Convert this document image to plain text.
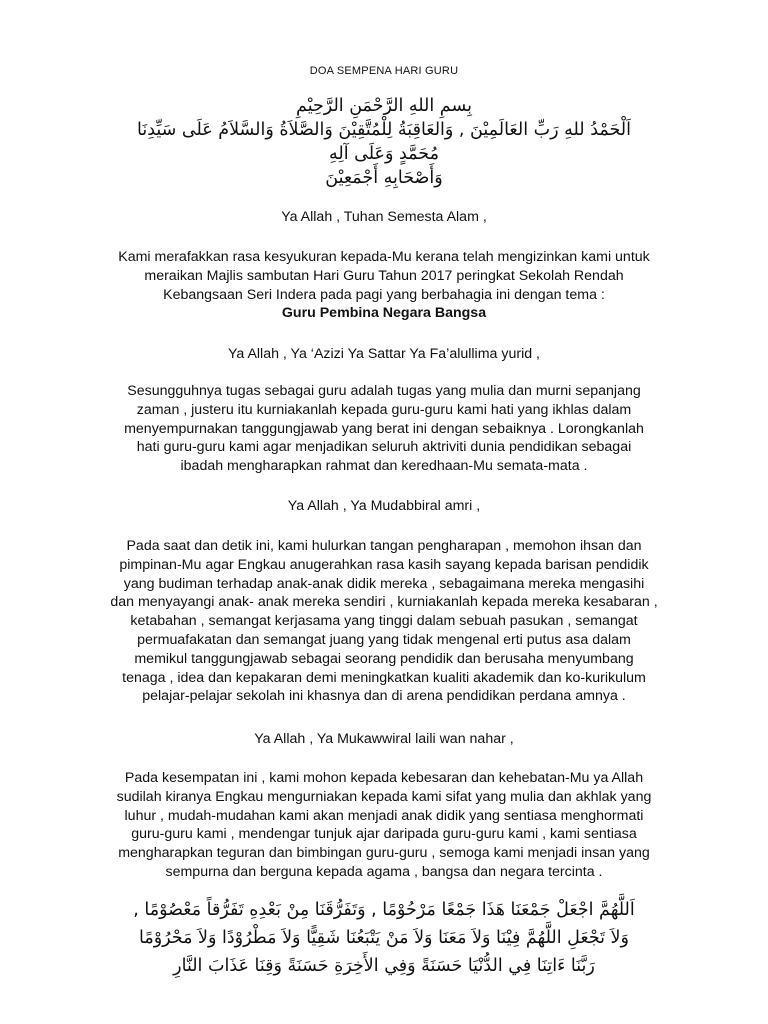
DOA SEMPENA HARI GURU
بِسمِ اللهِ الرَّحْمَنِ الرَّحِيْمِ
اَلْحَمْدُ للهِ رَبِّ العَالَمِيْنَ , وَالعَاقِبَةُ لِلْمُتَّقِيْنَ وَالصَّلاَةُ وَالسَّلاَمُ عَلَى سَيِّدِنَا
مُحَمَّدٍ وَعَلَى آلِهِ
وَأَصْحَابِهِ أَجْمَعِيْنَ
Ya Allah , Tuhan Semesta Alam ,
Kami merafakkan rasa kesyukuran kepada-Mu kerana telah mengizinkan kami untuk
meraikan Majlis sambutan Hari Guru Tahun 2017 peringkat Sekolah Rendah
Kebangsaan Seri Indera pada pagi yang berbahagia ini dengan tema :
Guru Pembina Negara Bangsa
Ya Allah , Ya ‘Azizi Ya Sattar Ya Fa’alullima yurid ,
Sesungguhnya tugas sebagai guru adalah tugas yang mulia dan murni sepanjang
zaman , justeru itu kurniakanlah kepada guru-guru kami hati yang ikhlas dalam
menyempurnakan tanggungjawab yang berat ini dengan sebaiknya . Lorongkanlah
hati guru-guru kami agar menjadikan seluruh aktriviti dunia pendidikan sebagai
ibadah mengharapkan rahmat dan keredhaan-Mu semata-mata .
Ya Allah , Ya Mudabbiral amri ,
Pada saat dan detik ini, kami hulurkan tangan pengharapan , memohon ihsan dan
pimpinan-Mu agar Engkau anugerahkan rasa kasih sayang kepada barisan pendidik
yang budiman terhadap anak-anak didik mereka , sebagaimana mereka mengasihi
dan menyayangi anak- anak mereka sendiri , kurniakanlah kepada mereka kesabaran ,
ketabahan , semangat kerjasama yang tinggi dalam sebuah pasukan , semangat
permuafakatan dan semangat juang yang tidak mengenal erti putus asa dalam
memikul tanggungjawab sebagai seorang pendidik dan berusaha menyumbang
tenaga , idea dan kepakaran demi meningkatkan kualiti akademik dan ko-kurikulum
pelajar-pelajar sekolah ini khasnya dan di arena pendidikan perdana amnya .
Ya Allah , Ya Mukawwiral laili wan nahar ,
Pada kesempatan ini , kami mohon kepada kebesaran dan kehebatan-Mu ya Allah
sudilah kiranya Engkau mengurniakan kepada kami sifat yang mulia dan akhlak yang
luhur , mudah-mudahan kami akan menjadi anak didik yang sentiasa menghormati
guru-guru kami , mendengar tunjuk ajar daripada guru-guru kami , kami sentiasa
mengharapkan teguran dan bimbingan guru-guru , semoga kami menjadi insan yang
sempurna dan berguna kepada agama , bangsa dan negara tercinta .
اَللَّهُمَّ اجْعَلْ جَمْعَنَا هَذَا جَمْعًا مَرْحُوْمًا , وَتَفَرُّقَنَا مِنْ بَعْدِهِ تَفَرُّقاً مَعْصُوْمًا ,
وَلاَ تَجْعَلِ اللَّهُمَّ فِيْنَا وَلاَ مَعَنَا وَلاَ مَنْ يَتْبَعُنَا شَقِيًّا وَلاَ مَطْرُوْدًا وَلاَ مَحْرُوْمًا
رَبَّنَا ءَاتِنَا فِي الدُّنْيَا حَسَنَةً وَفِي الأَخِرَةِ حَسَنَةً وَقِنَا عَذَابَ النَّارِ
